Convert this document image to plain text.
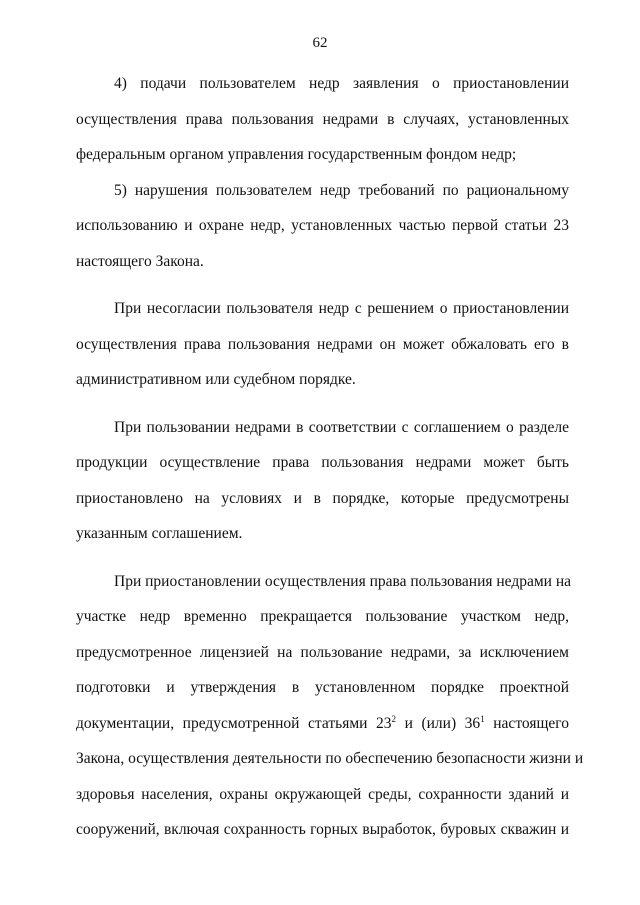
62

4) подачи пользователем недр заявления о приостановлении
осуществления права пользования недрами в случаях, установленных
федеральным органом управления государственным фондом недр;

5) нарушения пользователем недр требований по рациональному
использованию и охране недр, установленных частью первой статьи 23
настоящего Закона.

При несогласии пользователя недр с решением о приостановлении
осуществления права пользования недрами он может обжаловать его в
административном или судебном порядке.

При пользовании недрами в соответствии с соглашением о разделе
продукции осуществление права пользования недрами может быть
приостановлено на условиях и в порядке, которые предусмотрены
указанным соглашением.

При приостановлении осуществления права пользования недрами на
участке недр временно прекращается пользование участком недр,
предусмотренное лицензией на пользование недрами, за исключением
подготовки и утверждения в установленном порядке проектной
документации, предусмотренной статьями $23^2$ и (или) $36^1$ настоящего
Закона, осуществления деятельности по обеспечению безопасности жизни и
здоровья населения, охраны окружающей среды, сохранности зданий и
сооружений, включая сохранность горных выработок, буровых скважин и
